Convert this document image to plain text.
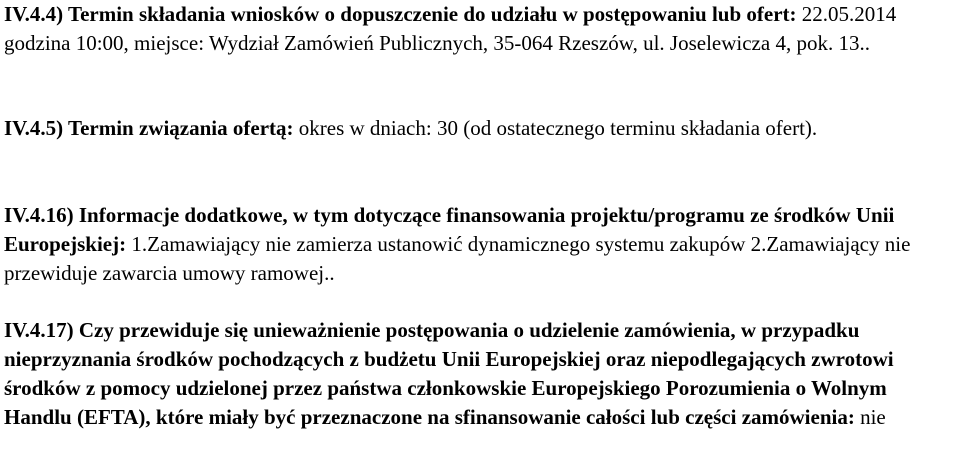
IV.4.4) Termin składania wniosków o dopuszczenie do udziału w postępowaniu lub ofert: 22.05.2014 godzina 10:00, miejsce: Wydział Zamówień Publicznych, 35-064 Rzeszów, ul. Joselewicza 4, pok. 13..

IV.4.5) Termin związania ofertą: okres w dniach: 30 (od ostatecznego terminu składania ofert).

IV.4.16) Informacje dodatkowe, w tym dotyczące finansowania projektu/programu ze środków Unii Europejskiej: 1.Zamawiający nie zamierza ustanowić dynamicznego systemu zakupów 2.Zamawiający nie przewiduje zawarcia umowy ramowej..

IV.4.17) Czy przewiduje się unieważnienie postępowania o udzielenie zamówienia, w przypadku nieprzyznania środków pochodzących z budżetu Unii Europejskiej oraz niepodlegających zwrotowi środków z pomocy udzielonej przez państwa członkowskie Europejskiego Porozumienia o Wolnym Handlu (EFTA), które miały być przeznaczone na sfinansowanie całości lub części zamówienia: nie
